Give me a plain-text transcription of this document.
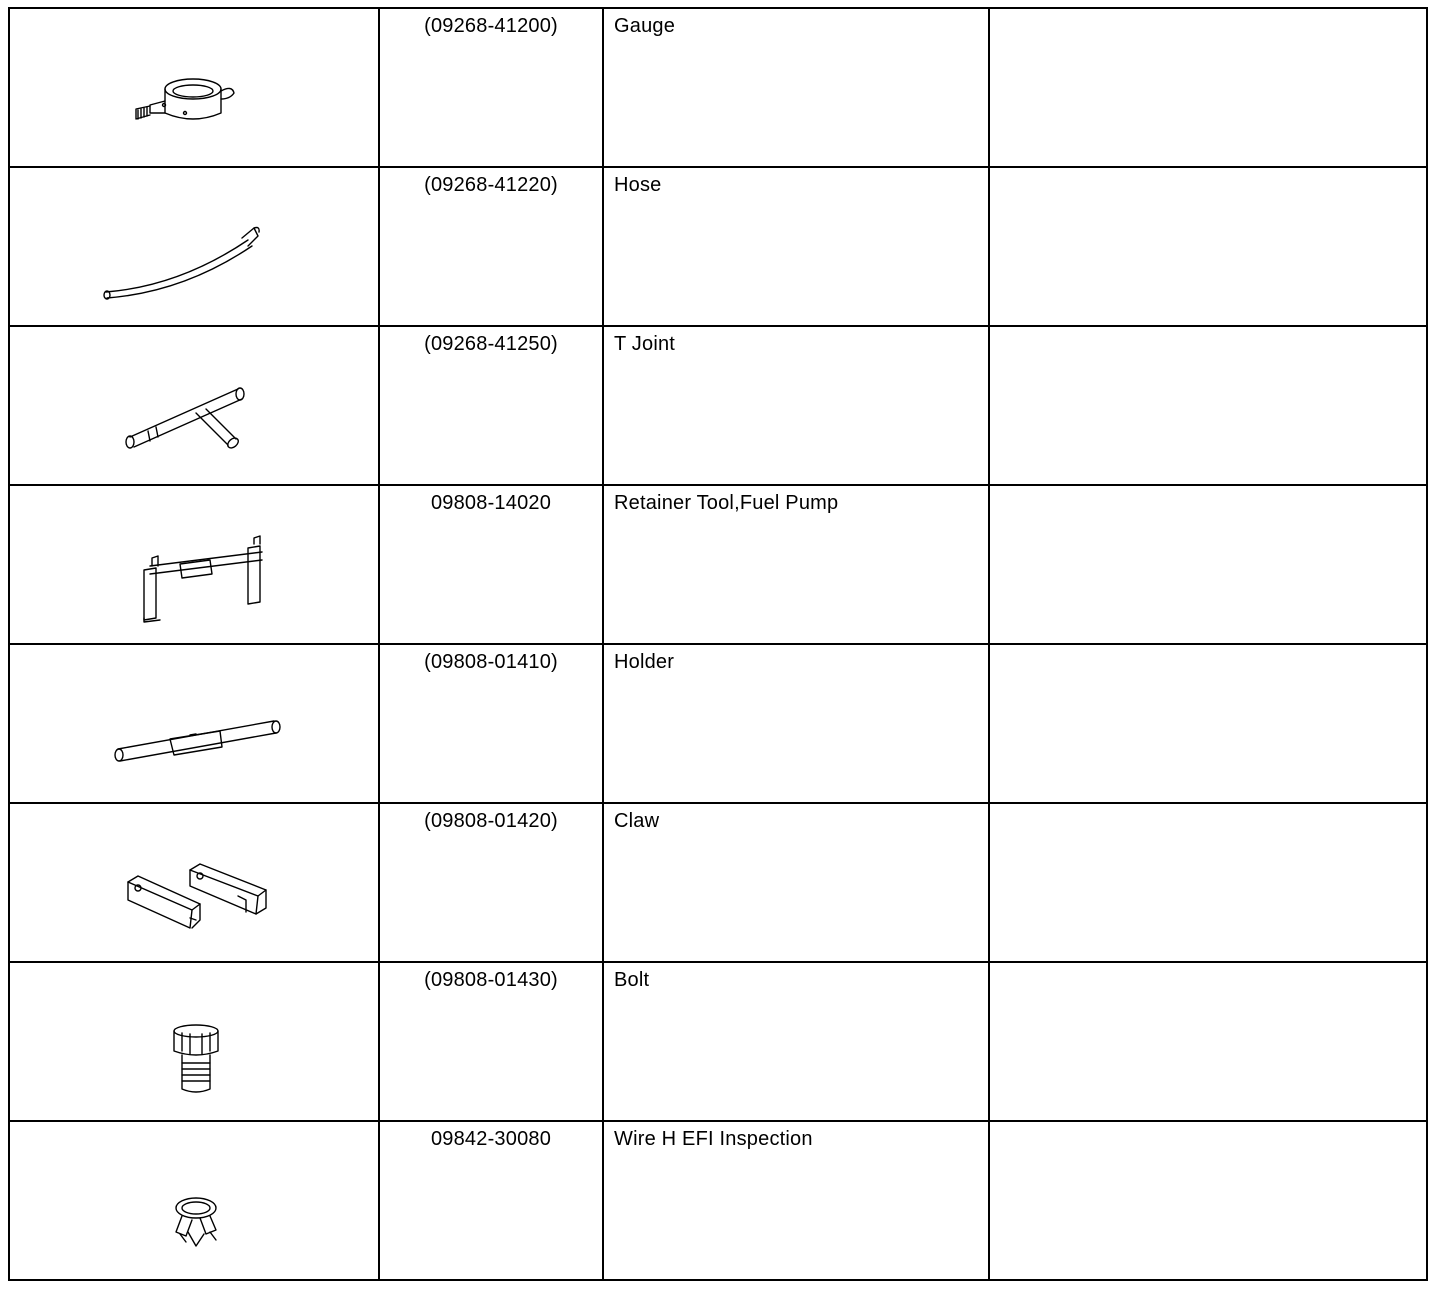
(09268-41200)	Gauge	

(09268-41220)	Hose	

(09268-41250)	T Joint	

09808-14020	Retainer Tool,Fuel Pump	

(09808-01410)	Holder	

(09808-01420)	Claw	

(09808-01430)	Bolt	

09842-30080	Wire H EFI Inspection	
